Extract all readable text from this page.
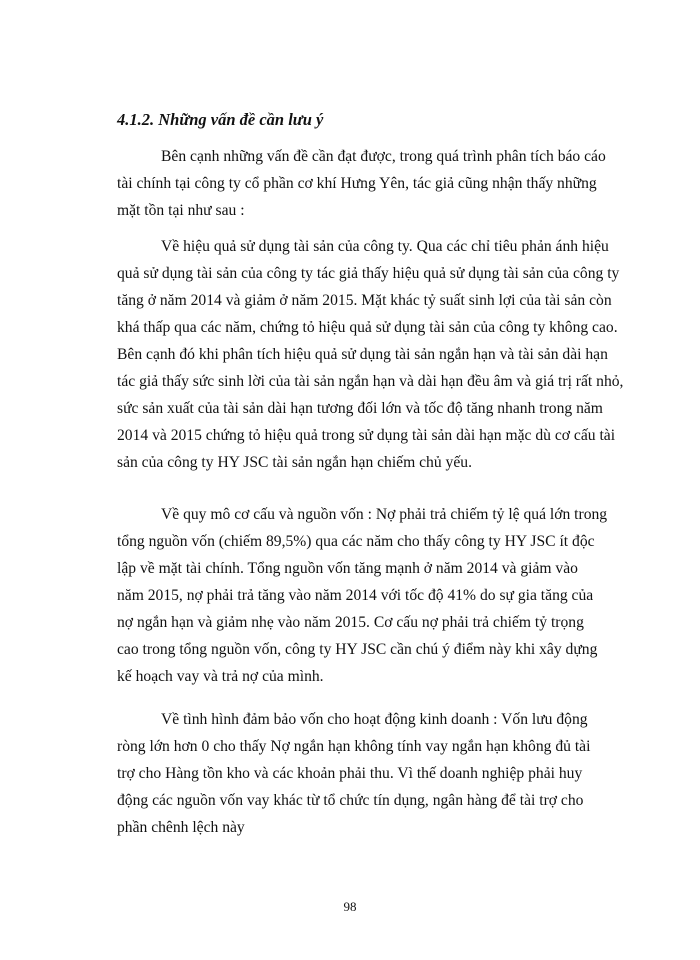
4.1.2. Những vấn đề cần lưu ý
Bên cạnh những vấn đề cần đạt được, trong quá trình phân tích báo cáo
tài chính tại công ty cổ phần cơ khí Hưng Yên, tác giả cũng nhận thấy những
mặt tồn tại như sau :
Về hiệu quả sử dụng tài sản của công ty. Qua các chỉ tiêu phản ánh hiệu
quả sử dụng tài sản của công ty tác giả thấy hiệu quả sử dụng tài sản của công ty
tăng ở năm 2014 và giảm ở năm 2015. Mặt khác tỷ suất sinh lợi của tài sản còn
khá thấp qua các năm, chứng tỏ hiệu quả sử dụng tài sản của công ty không cao.
Bên cạnh đó khi phân tích hiệu quả sử dụng tài sản ngắn hạn và tài sản dài hạn
tác giả thấy sức sinh lời của tài sản ngắn hạn và dài hạn đều âm và giá trị rất nhỏ,
sức sản xuất của tài sản dài hạn tương đối lớn và tốc độ tăng nhanh trong năm
2014 và 2015 chứng tỏ hiệu quả trong sử dụng tài sản dài hạn mặc dù cơ cấu tài
sản của công ty HY JSC tài sản ngắn hạn chiếm chủ yếu.
Về quy mô cơ cấu và nguồn vốn : Nợ phải trả chiếm tỷ lệ quá lớn trong
tổng nguồn vốn (chiếm 89,5%) qua các năm cho thấy công ty HY JSC ít độc
lập về mặt tài chính. Tổng nguồn vốn tăng mạnh ở năm 2014 và giảm vào
năm 2015, nợ phải trả tăng vào năm 2014 với tốc độ 41% do sự gia tăng của
nợ ngắn hạn và giảm nhẹ vào năm 2015. Cơ cấu nợ phải trả chiếm tỷ trọng
cao trong tổng nguồn vốn, công ty HY JSC cần chú ý điểm này khi xây dựng
kế hoạch vay và trả nợ của mình.
Về tình hình đảm bảo vốn cho hoạt động kinh doanh : Vốn lưu động
ròng lớn hơn 0 cho thấy Nợ ngắn hạn không tính vay ngắn hạn không đủ tài
trợ cho Hàng tồn kho và các khoản phải thu. Vì thế doanh nghiệp phải huy
động các nguồn vốn vay khác từ tổ chức tín dụng, ngân hàng để tài trợ cho
phần chênh lệch này
98
